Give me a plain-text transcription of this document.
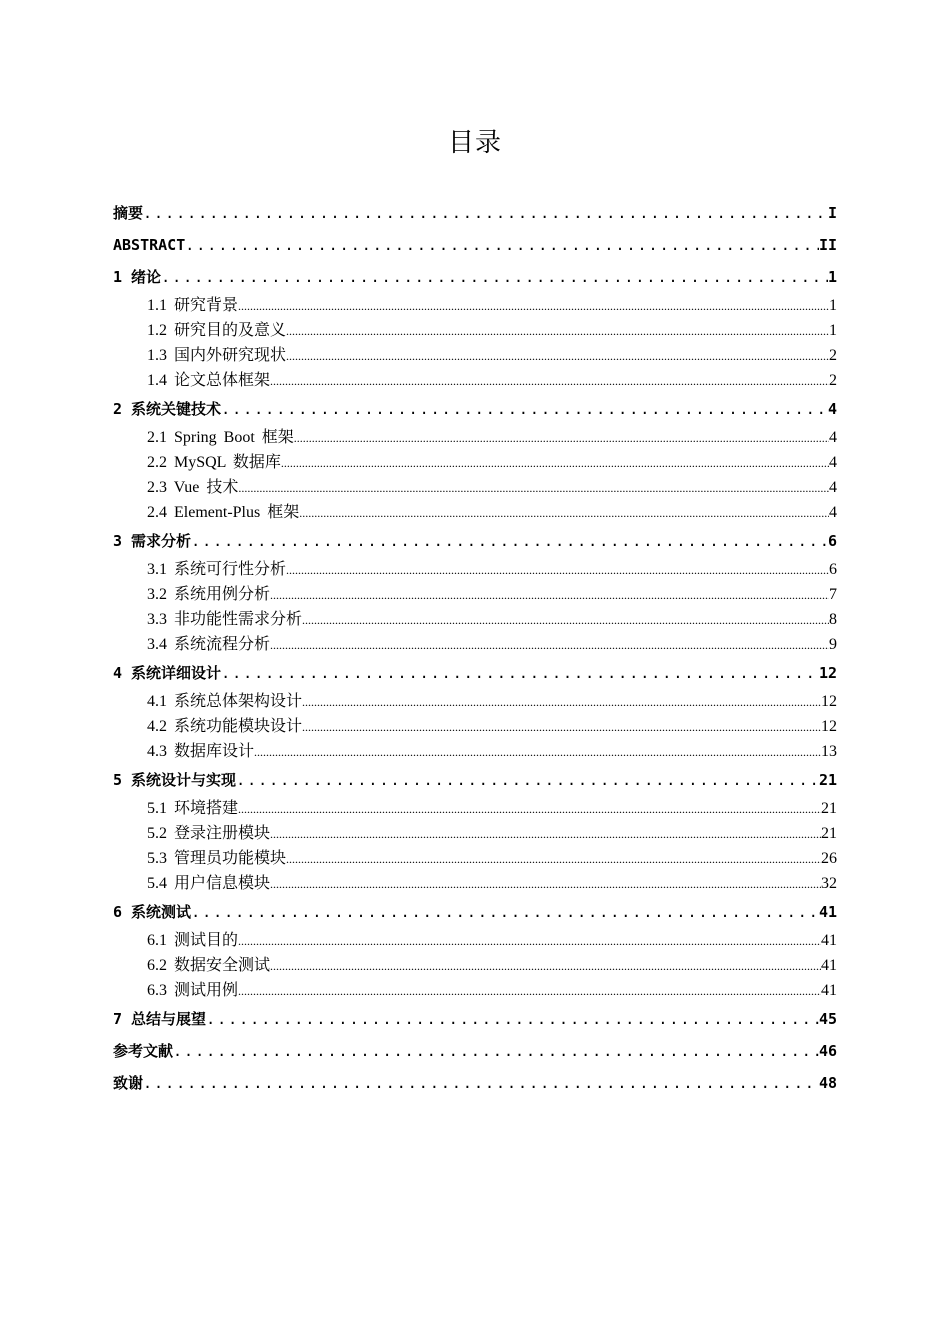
目录
摘要 .....	I
ABSTRACT .....	II
1 绪论 .....	1
1.1 研究背景 .....	1
1.2 研究目的及意义 .....	1
1.3 国内外研究现状 .....	2
1.4 论文总体框架 .....	2
2 系统关键技术 .....	4
2.1 Spring Boot 框架 .....	4
2.2 MySQL 数据库 .....	4
2.3 Vue 技术 .....	4
2.4 Element-Plus 框架 .....	4
3 需求分析 .....	6
3.1 系统可行性分析 .....	6
3.2 系统用例分析 .....	7
3.3 非功能性需求分析 .....	8
3.4 系统流程分析 .....	9
4 系统详细设计 .....	12
4.1 系统总体架构设计 .....	12
4.2 系统功能模块设计 .....	12
4.3 数据库设计 .....	13
5 系统设计与实现 .....	21
5.1 环境搭建 .....	21
5.2 登录注册模块 .....	21
5.3 管理员功能模块 .....	26
5.4 用户信息模块 .....	32
6 系统测试 .....	41
6.1 测试目的 .....	41
6.2 数据安全测试 .....	41
6.3 测试用例 .....	41
7 总结与展望 .....	45
参考文献 .....	46
致谢 .....	48
